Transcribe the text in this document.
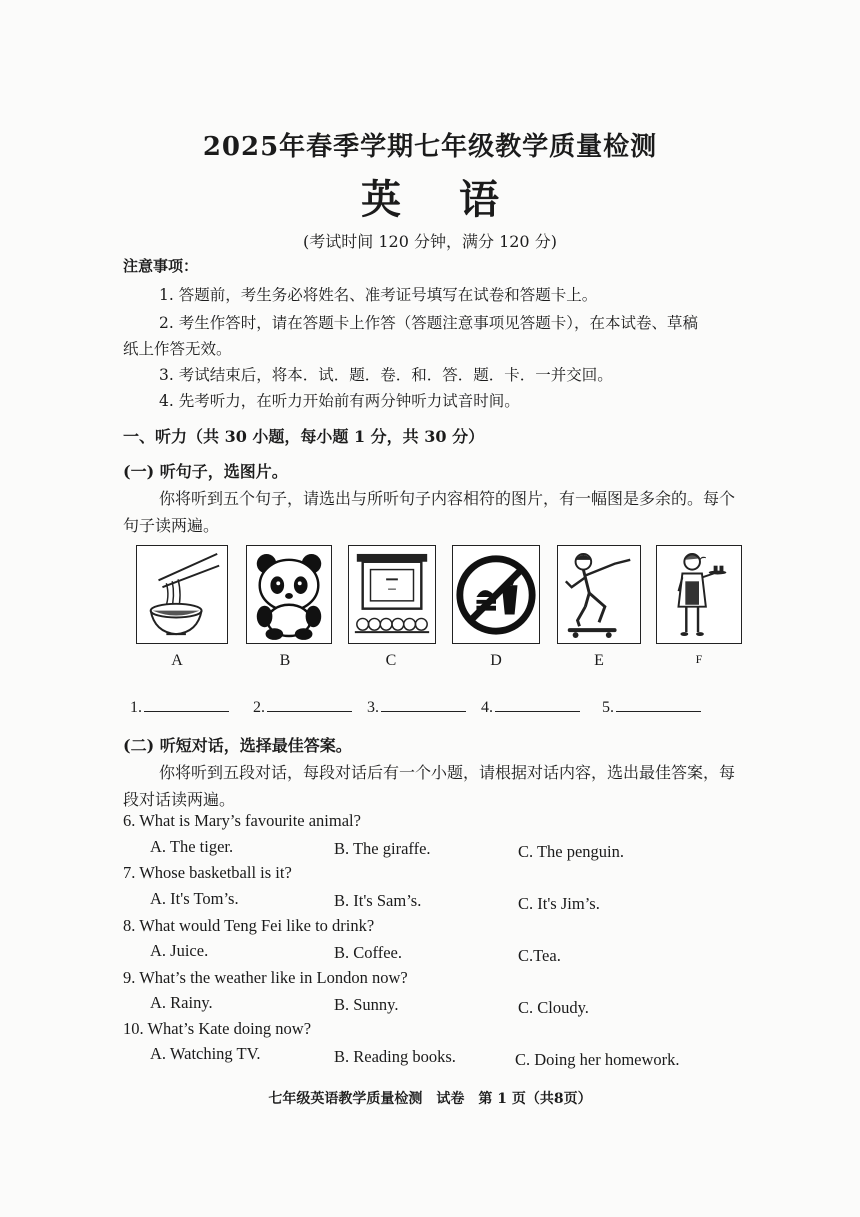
2025年春季学期七年级教学质量检测
英 语
(考试时间 120 分钟，满分 120 分)
注意事项：
1. 答题前，考生务必将姓名、准考证号填写在试卷和答题卡上。
2. 考生作答时，请在答题卡上作答（答题注意事项见答题卡），在本试卷、草稿
纸上作答无效。
3. 考试结束后，将本．试．题．卷．和．答．题．卡．一并交回。
4. 先考听力，在听力开始前有两分钟听力试音时间。
一、听力（共 30 小题，每小题 1 分，共 30 分）
(一) 听句子，选图片。
你将听到五个句子，请选出与所听句子内容相符的图片，有一幅图是多余的。每个
句子读两遍。
A	B	C	D	E	F
1.	2.	3.	4.	5.
(二) 听短对话，选择最佳答案。
你将听到五段对话，每段对话后有一个小题，请根据对话内容，选出最佳答案，每
段对话读两遍。
6. What is Mary’s favourite animal?
A. The tiger.	B. The giraffe.	C. The penguin.
7. Whose basketball is it?
A. It's Tom’s.	B. It's Sam’s.	C. It's Jim’s.
8. What would Teng Fei like to drink?
A. Juice.	B. Coffee.	C.Tea.
9. What’s the weather like in London now?
A. Rainy.	B. Sunny.	C. Cloudy.
10. What’s Kate doing now?
A. Watching TV.	B. Reading books.	C. Doing her homework.
七年级英语教学质量检测　试卷　第 1 页（共8页）
